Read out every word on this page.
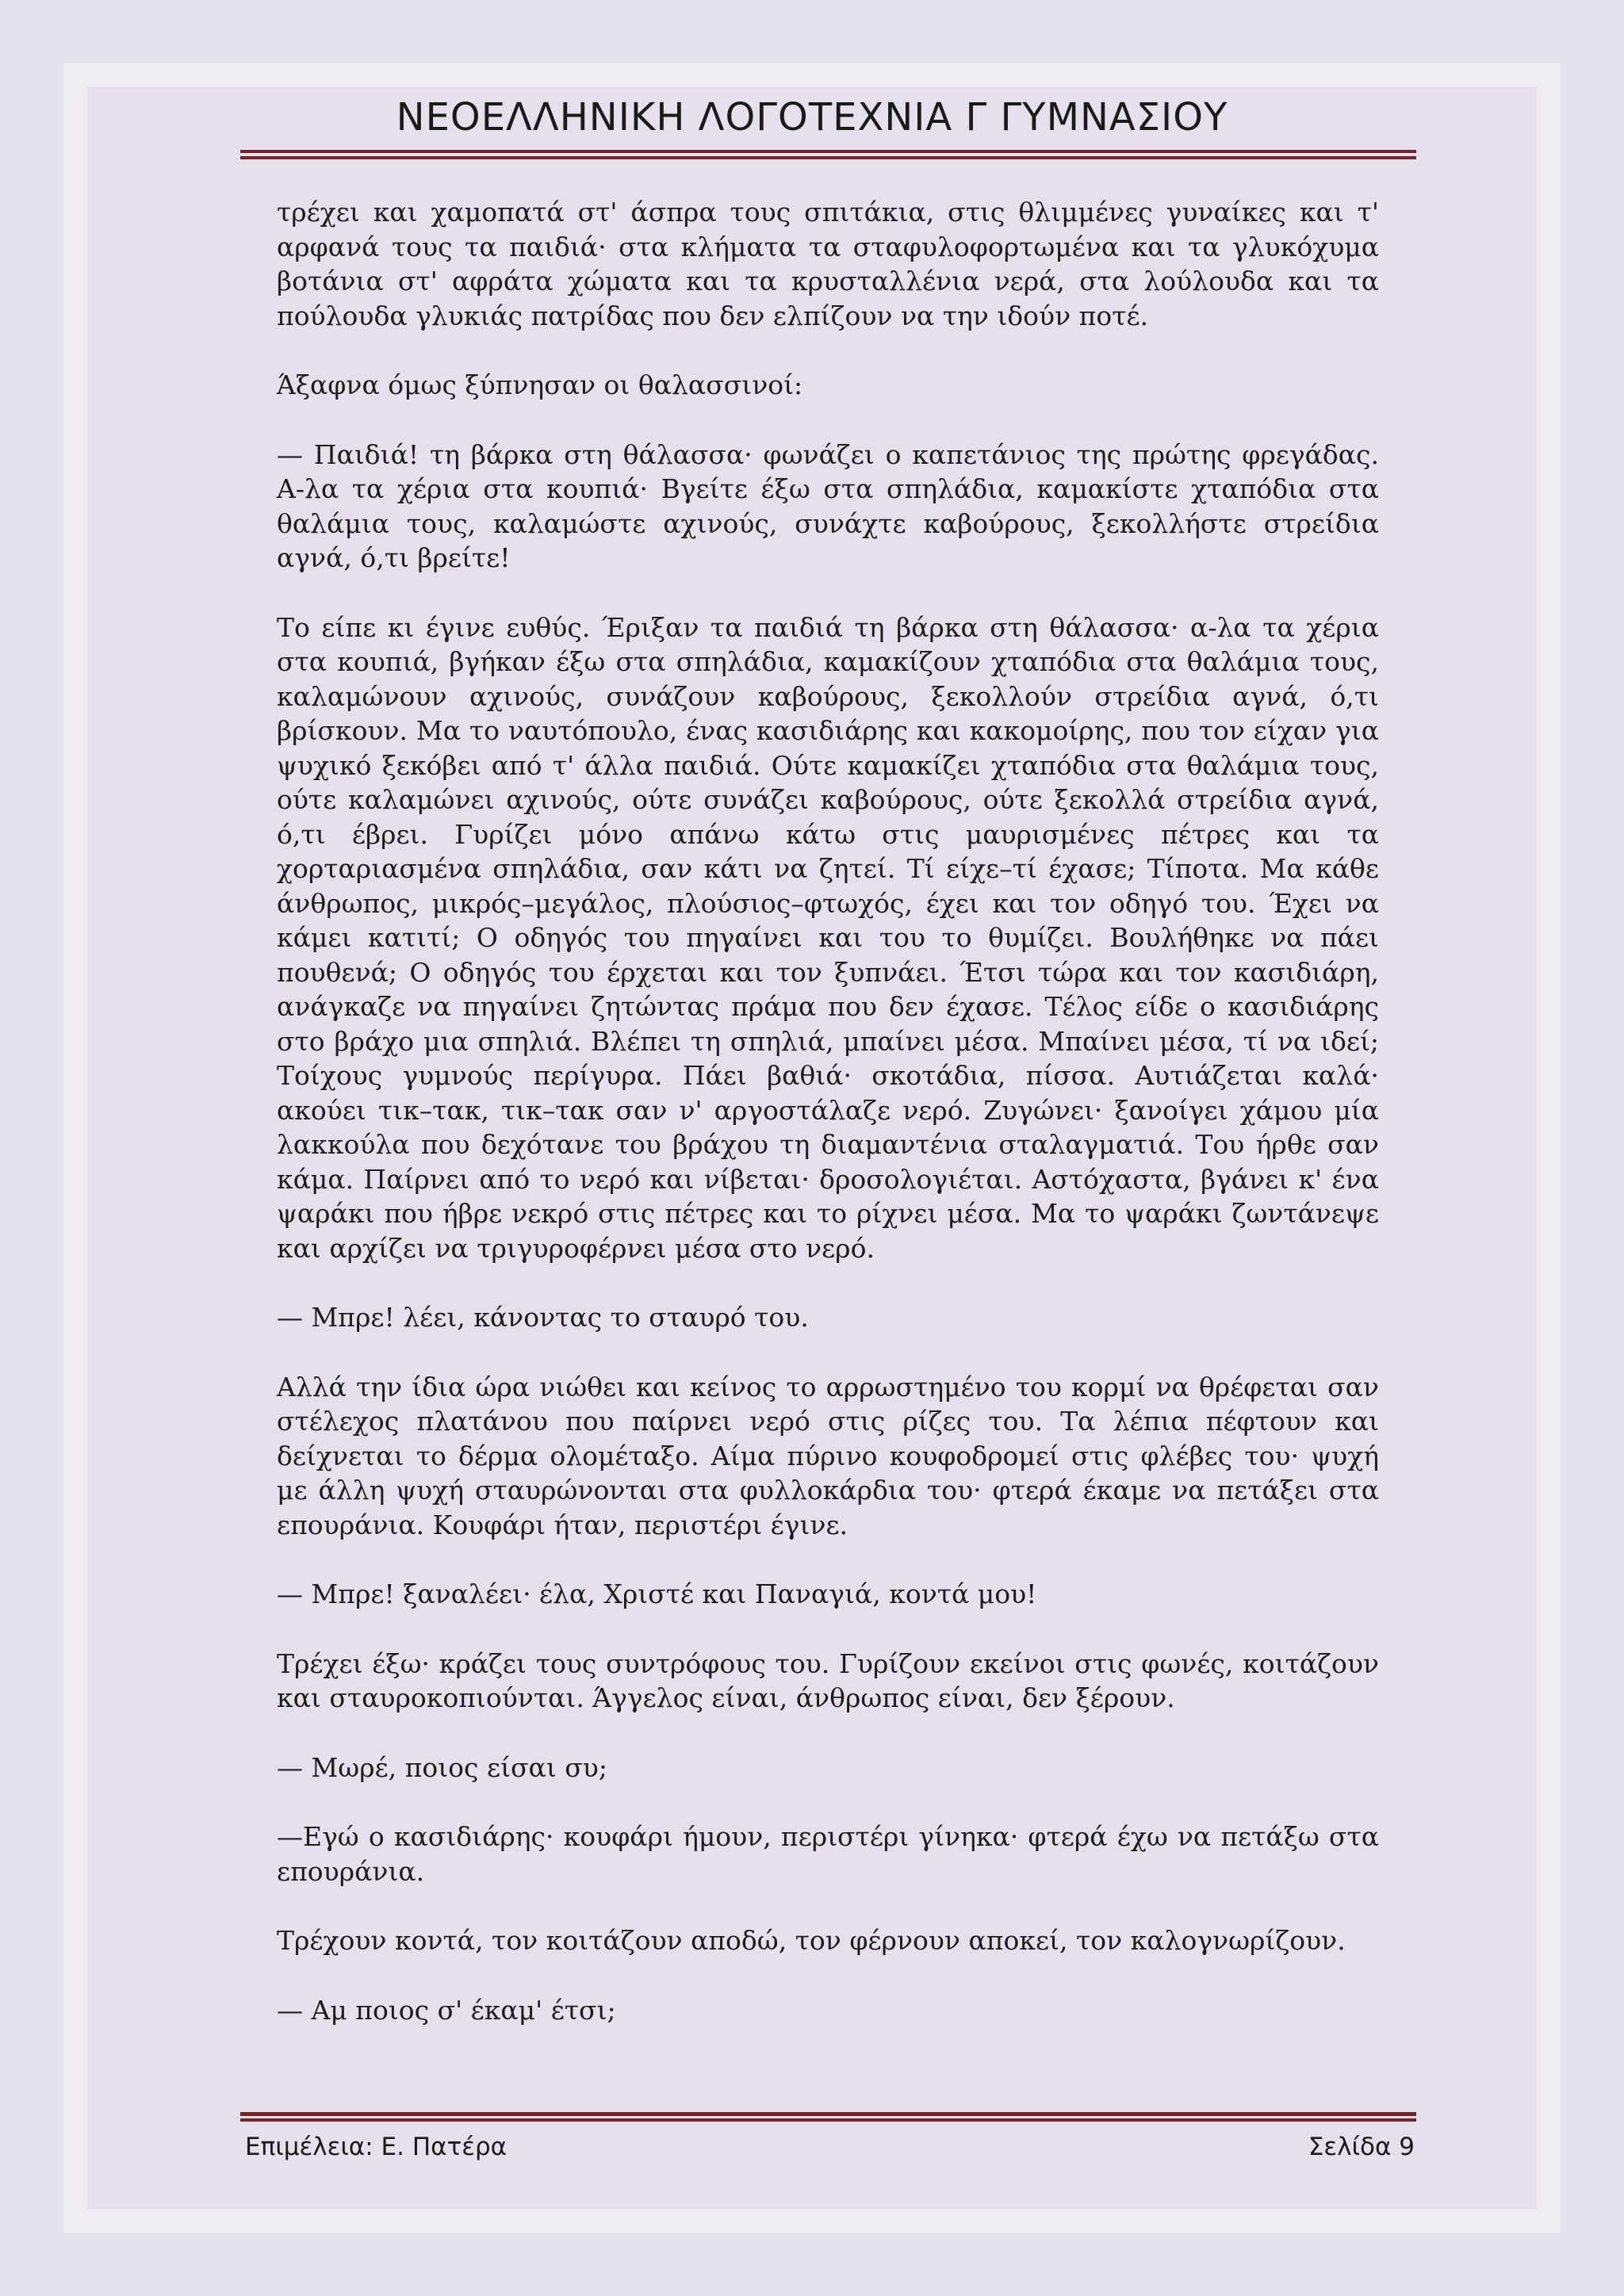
ΝΕΟΕΛΛΗΝΙΚΗ ΛΟΓΟΤΕΧΝΙΑ Γ ΓΥΜΝΑΣΙΟΥ

τρέχει και χαμοπατά στ' άσπρα τους σπιτάκια, στις θλιμμένες γυναίκες και τ' αρφανά τους τα παιδιά· στα κλήματα τα σταφυλοφορτωμένα και τα γλυκόχυμα βοτάνια στ' αφράτα χώματα και τα κρυσταλλένια νερά, στα λούλουδα και τα πούλουδα γλυκιάς πατρίδας που δεν ελπίζουν να την ιδούν ποτέ.

Άξαφνα όμως ξύπνησαν οι θαλασσινοί:

— Παιδιά! τη βάρκα στη θάλασσα· φωνάζει ο καπετάνιος της πρώτης φρεγάδας. Α-λα τα χέρια στα κουπιά· Βγείτε έξω στα σπηλάδια, καμακίστε χταπόδια στα θαλάμια τους, καλαμώστε αχινούς, συνάχτε καβούρους, ξεκολλήστε στρείδια αγνά, ό,τι βρείτε!

Το είπε κι έγινε ευθύς. Έριξαν τα παιδιά τη βάρκα στη θάλασσα· α-λα τα χέρια στα κουπιά, βγήκαν έξω στα σπηλάδια, καμακίζουν χταπόδια στα θαλάμια τους, καλαμώνουν αχινούς, συνάζουν καβούρους, ξεκολλούν στρείδια αγνά, ό,τι βρίσκουν. Μα το ναυτόπουλο, ένας κασιδιάρης και κακομοίρης, που τον είχαν για ψυχικό ξεκόβει από τ' άλλα παιδιά. Ούτε καμακίζει χταπόδια στα θαλάμια τους, ούτε καλαμώνει αχινούς, ούτε συνάζει καβούρους, ούτε ξεκολλά στρείδια αγνά, ό,τι έβρει. Γυρίζει μόνο απάνω κάτω στις μαυρισμένες πέτρες και τα χορταριασμένα σπηλάδια, σαν κάτι να ζητεί. Τί είχε–τί έχασε; Τίποτα. Μα κάθε άνθρωπος, μικρός–μεγάλος, πλούσιος–φτωχός, έχει και τον οδηγό του. Έχει να κάμει κατιτί; Ο οδηγός του πηγαίνει και του το θυμίζει. Βουλήθηκε να πάει πουθενά; Ο οδηγός του έρχεται και τον ξυπνάει. Έτσι τώρα και τον κασιδιάρη, ανάγκαζε να πηγαίνει ζητώντας πράμα που δεν έχασε. Τέλος είδε ο κασιδιάρης στο βράχο μια σπηλιά. Βλέπει τη σπηλιά, μπαίνει μέσα. Μπαίνει μέσα, τί να ιδεί; Τοίχους γυμνούς περίγυρα. Πάει βαθιά· σκοτάδια, πίσσα. Αυτιάζεται καλά· ακούει τικ–τακ, τικ–τακ σαν ν' αργοστάλαζε νερό. Ζυγώνει· ξανοίγει χάμου μία λακκούλα που δεχότανε του βράχου τη διαμαντένια σταλαγματιά. Του ήρθε σαν κάμα. Παίρνει από το νερό και νίβεται· δροσολογιέται. Αστόχαστα, βγάνει κ' ένα ψαράκι που ήβρε νεκρό στις πέτρες και το ρίχνει μέσα. Μα το ψαράκι ζωντάνεψε και αρχίζει να τριγυροφέρνει μέσα στο νερό.

— Μπρε! λέει, κάνοντας το σταυρό του.

Αλλά την ίδια ώρα νιώθει και κείνος το αρρωστημένο του κορμί να θρέφεται σαν στέλεχος πλατάνου που παίρνει νερό στις ρίζες του. Τα λέπια πέφτουν και δείχνεται το δέρμα ολομέταξο. Αίμα πύρινο κουφοδρομεί στις φλέβες του· ψυχή με άλλη ψυχή σταυρώνονται στα φυλλοκάρδια του· φτερά έκαμε να πετάξει στα επουράνια. Κουφάρι ήταν, περιστέρι έγινε.

— Μπρε! ξαναλέει· έλα, Χριστέ και Παναγιά, κοντά μου!

Τρέχει έξω· κράζει τους συντρόφους του. Γυρίζουν εκείνοι στις φωνές, κοιτάζουν και σταυροκοπιούνται. Άγγελος είναι, άνθρωπος είναι, δεν ξέρουν.

— Μωρέ, ποιος είσαι συ;

—Εγώ ο κασιδιάρης· κουφάρι ήμουν, περιστέρι γίνηκα· φτερά έχω να πετάξω στα επουράνια.

Τρέχουν κοντά, τον κοιτάζουν αποδώ, τον φέρνουν αποκεί, τον καλογνωρίζουν.

— Αμ ποιος σ' έκαμ' έτσι;

Επιμέλεια: Ε. Πατέρα	Σελίδα 9
